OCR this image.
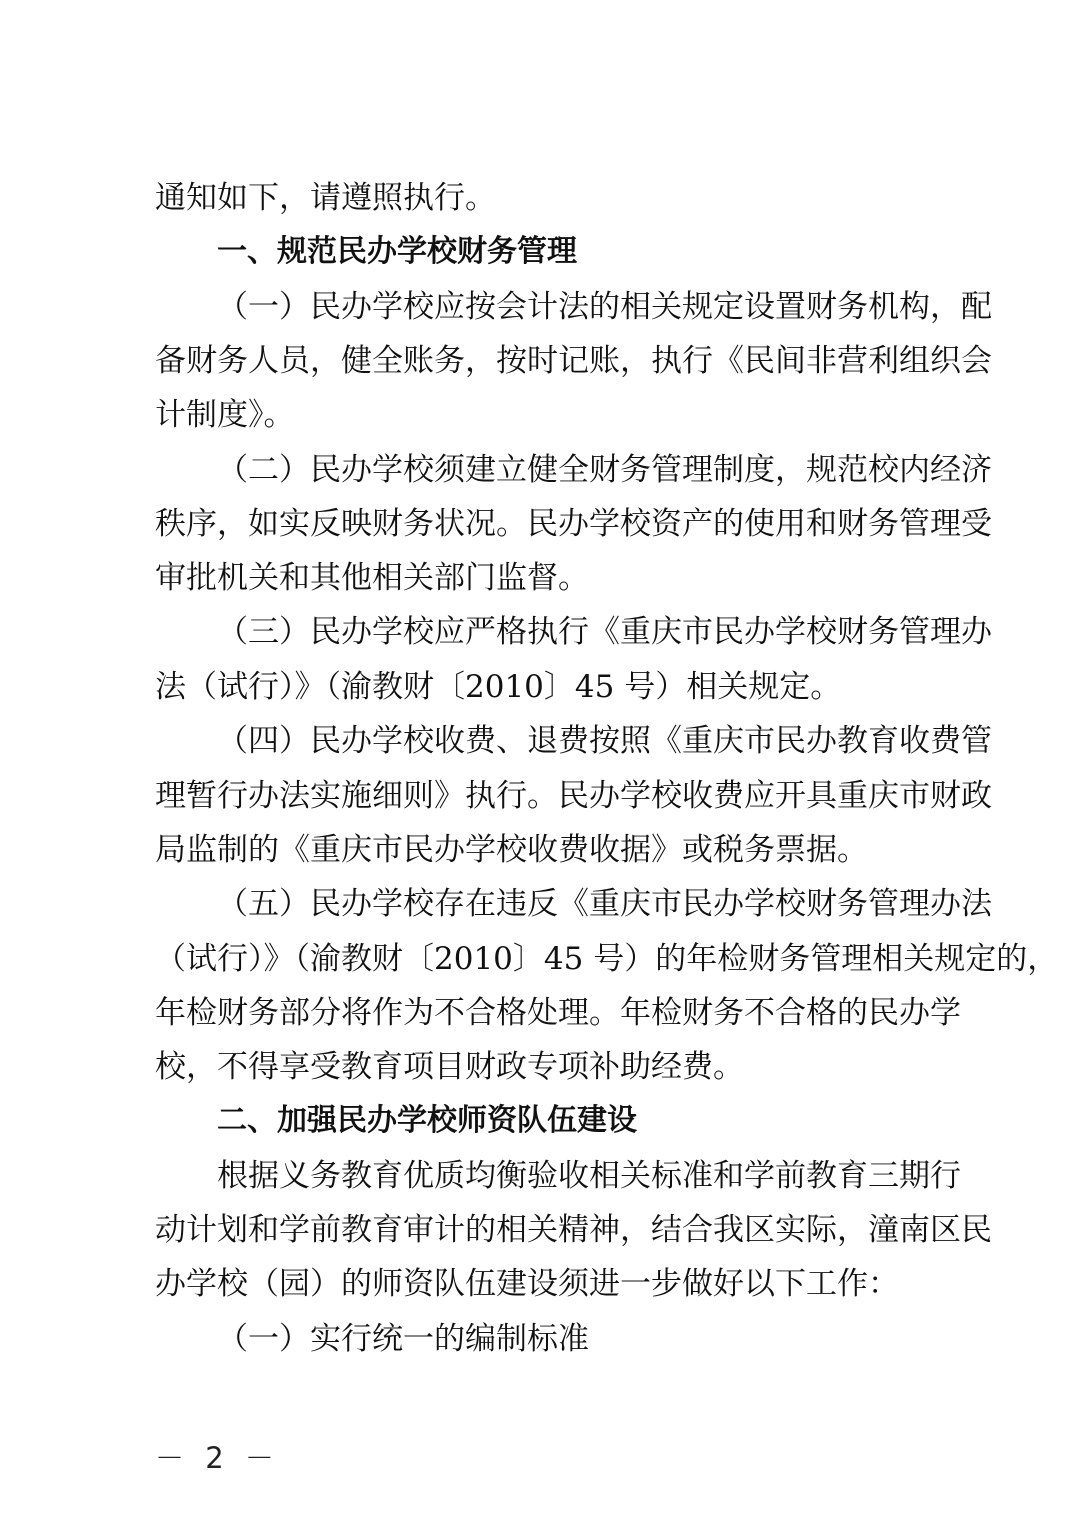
通知如下，请遵照执行。
一、规范民办学校财务管理
（一）民办学校应按会计法的相关规定设置财务机构，配
备财务人员，健全账务，按时记账，执行《民间非营利组织会
计制度》。
（二）民办学校须建立健全财务管理制度，规范校内经济
秩序，如实反映财务状况。民办学校资产的使用和财务管理受
审批机关和其他相关部门监督。
（三）民办学校应严格执行《重庆市民办学校财务管理办
法（试行）》（渝教财〔2010〕45 号）相关规定。
（四）民办学校收费、退费按照《重庆市民办教育收费管
理暂行办法实施细则》执行。民办学校收费应开具重庆市财政
局监制的《重庆市民办学校收费收据》或税务票据。
（五）民办学校存在违反《重庆市民办学校财务管理办法
（试行）》（渝教财〔2010〕45 号）的年检财务管理相关规定的，
年检财务部分将作为不合格处理。年检财务不合格的民办学
校，不得享受教育项目财政专项补助经费。
二、加强民办学校师资队伍建设
根据义务教育优质均衡验收相关标准和学前教育三期行
动计划和学前教育审计的相关精神，结合我区实际，潼南区民
办学校（园）的师资队伍建设须进一步做好以下工作：
（一）实行统一的编制标准
－ 2 －
